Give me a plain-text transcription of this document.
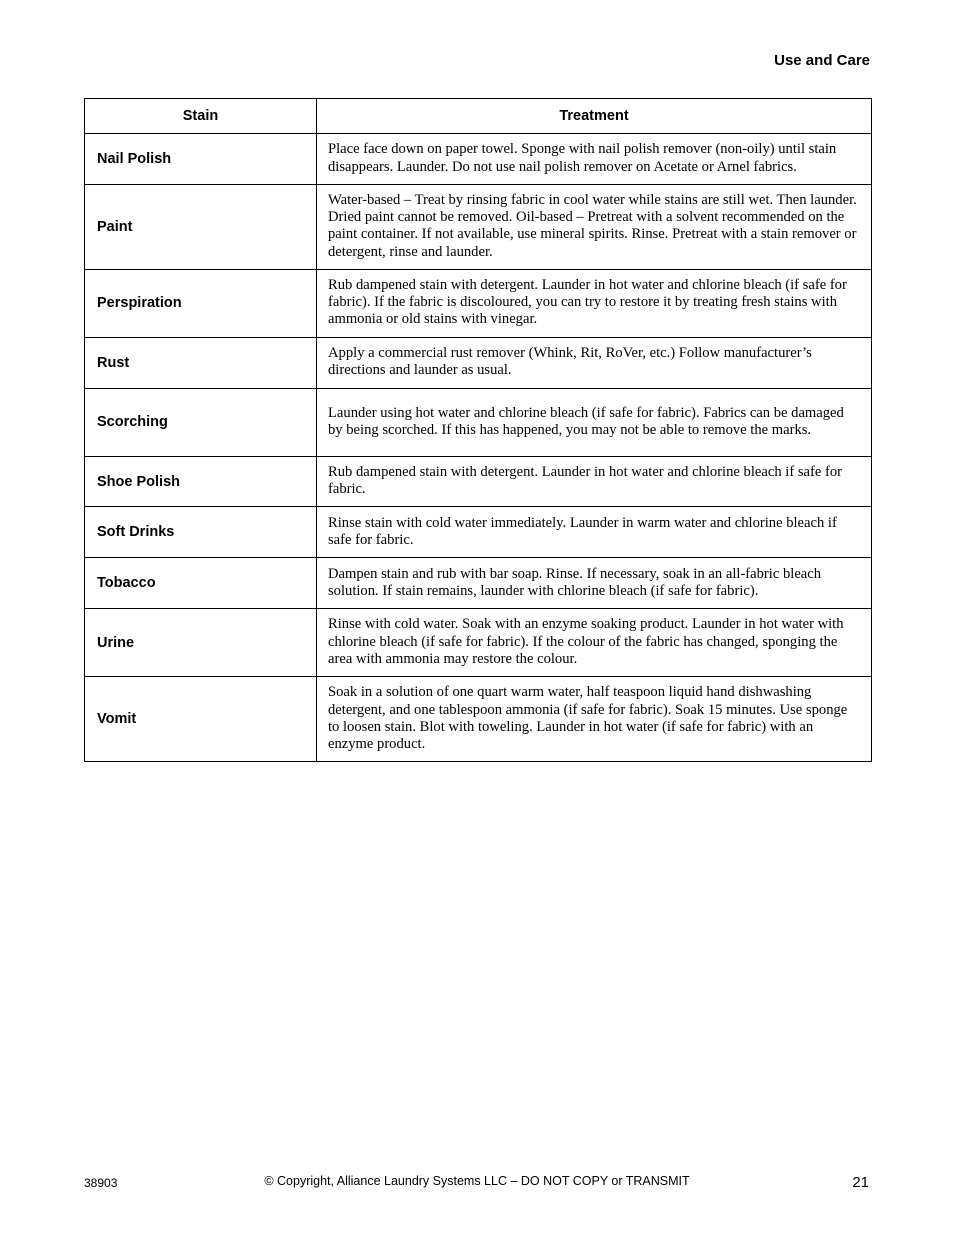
Use and Care
Stain	Treatment
Nail Polish	Place face down on paper towel. Sponge with nail polish remover (non-oily) until stain disappears. Launder. Do not use nail polish remover on Acetate or Arnel fabrics.
Paint	Water-based – Treat by rinsing fabric in cool water while stains are still wet. Then launder. Dried paint cannot be removed. Oil-based – Pretreat with a solvent recommended on the paint container. If not available, use mineral spirits. Rinse. Pretreat with a stain remover or detergent, rinse and launder.
Perspiration	Rub dampened stain with detergent. Launder in hot water and chlorine bleach (if safe for fabric). If the fabric is discoloured, you can try to restore it by treating fresh stains with ammonia or old stains with vinegar.
Rust	Apply a commercial rust remover (Whink, Rit, RoVer, etc.) Follow manufacturer’s directions and launder as usual.
Scorching	Launder using hot water and chlorine bleach (if safe for fabric). Fabrics can be damaged by being scorched. If this has happened, you may not be able to remove the marks.
Shoe Polish	Rub dampened stain with detergent. Launder in hot water and chlorine bleach if safe for fabric.
Soft Drinks	Rinse stain with cold water immediately. Launder in warm water and chlorine bleach if safe for fabric.
Tobacco	Dampen stain and rub with bar soap. Rinse. If necessary, soak in an all-fabric bleach solution. If stain remains, launder with chlorine bleach (if safe for fabric).
Urine	Rinse with cold water. Soak with an enzyme soaking product. Launder in hot water with chlorine bleach (if safe for fabric). If the colour of the fabric has changed, sponging the area with ammonia may restore the colour.
Vomit	Soak in a solution of one quart warm water, half teaspoon liquid hand dishwashing detergent, and one tablespoon ammonia (if safe for fabric). Soak 15 minutes. Use sponge to loosen stain. Blot with toweling. Launder in hot water (if safe for fabric) with an enzyme product.
38903	© Copyright, Alliance Laundry Systems LLC – DO NOT COPY or TRANSMIT	21
